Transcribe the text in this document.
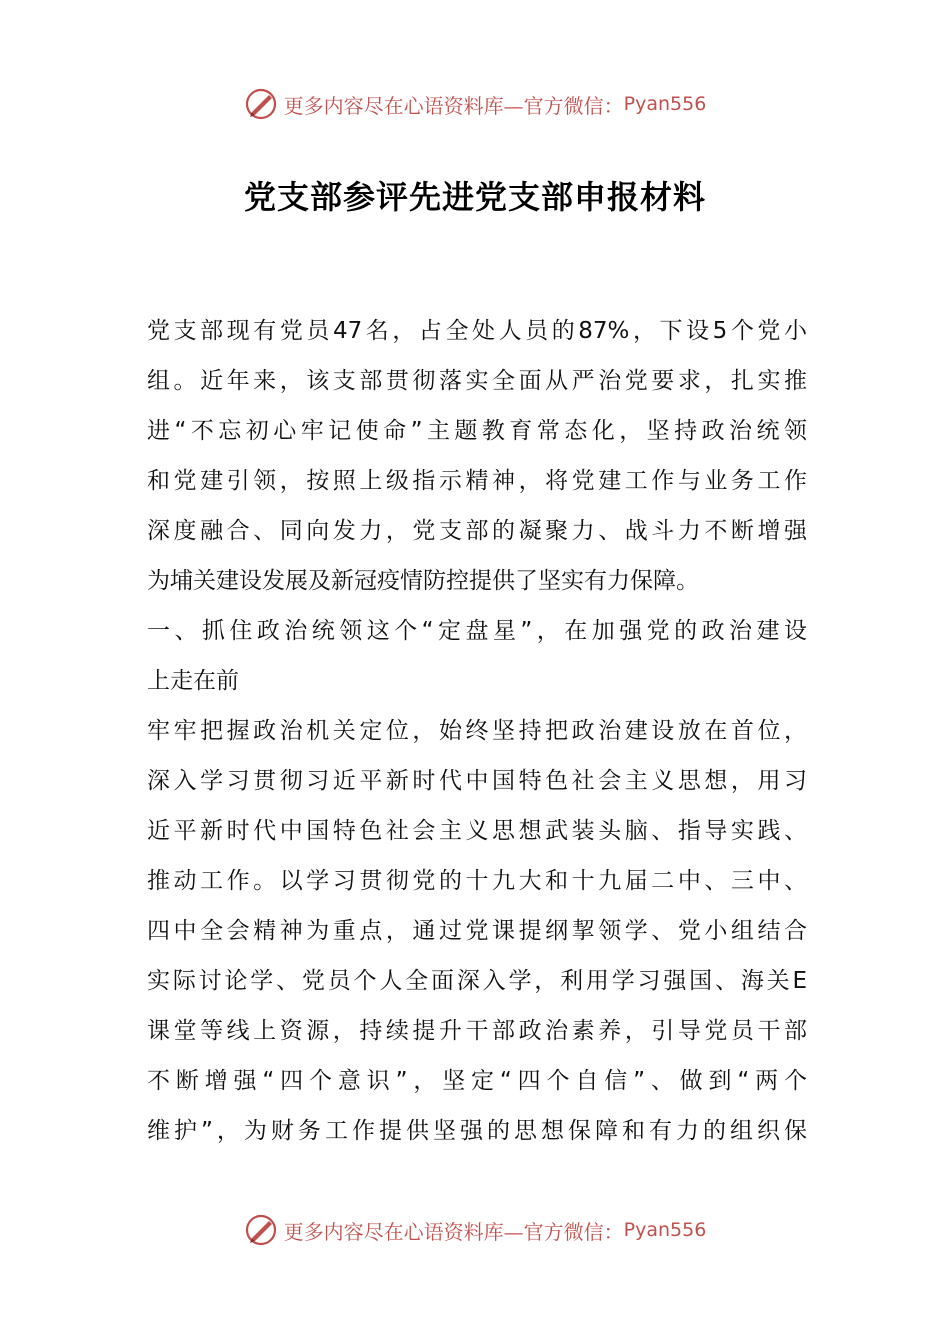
更多内容尽在心语资料库—官方微信： Pyan556
党支部参评先进党支部申报材料
党支部现有党员47名，占全处人员的87%，下设5个党小
组。近年来，该支部贯彻落实全面从严治党要求，扎实推
进“不忘初心牢记使命”主题教育常态化，坚持政治统领
和党建引领，按照上级指示精神，将党建工作与业务工作
深度融合、同向发力，党支部的凝聚力、战斗力不断增强
为埔关建设发展及新冠疫情防控提供了坚实有力保障。
一、抓住政治统领这个“定盘星”，在加强党的政治建设
上走在前
牢牢把握政治机关定位，始终坚持把政治建设放在首位，
深入学习贯彻习近平新时代中国特色社会主义思想，用习
近平新时代中国特色社会主义思想武装头脑、指导实践、
推动工作。以学习贯彻党的十九大和十九届二中、三中、
四中全会精神为重点，通过党课提纲挈领学、党小组结合
实际讨论学、党员个人全面深入学，利用学习强国、海关E
课堂等线上资源，持续提升干部政治素养，引导党员干部
不断增强“四个意识”，坚定“四个自信”、做到“两个
维护”，为财务工作提供坚强的思想保障和有力的组织保
更多内容尽在心语资料库—官方微信： Pyan556
